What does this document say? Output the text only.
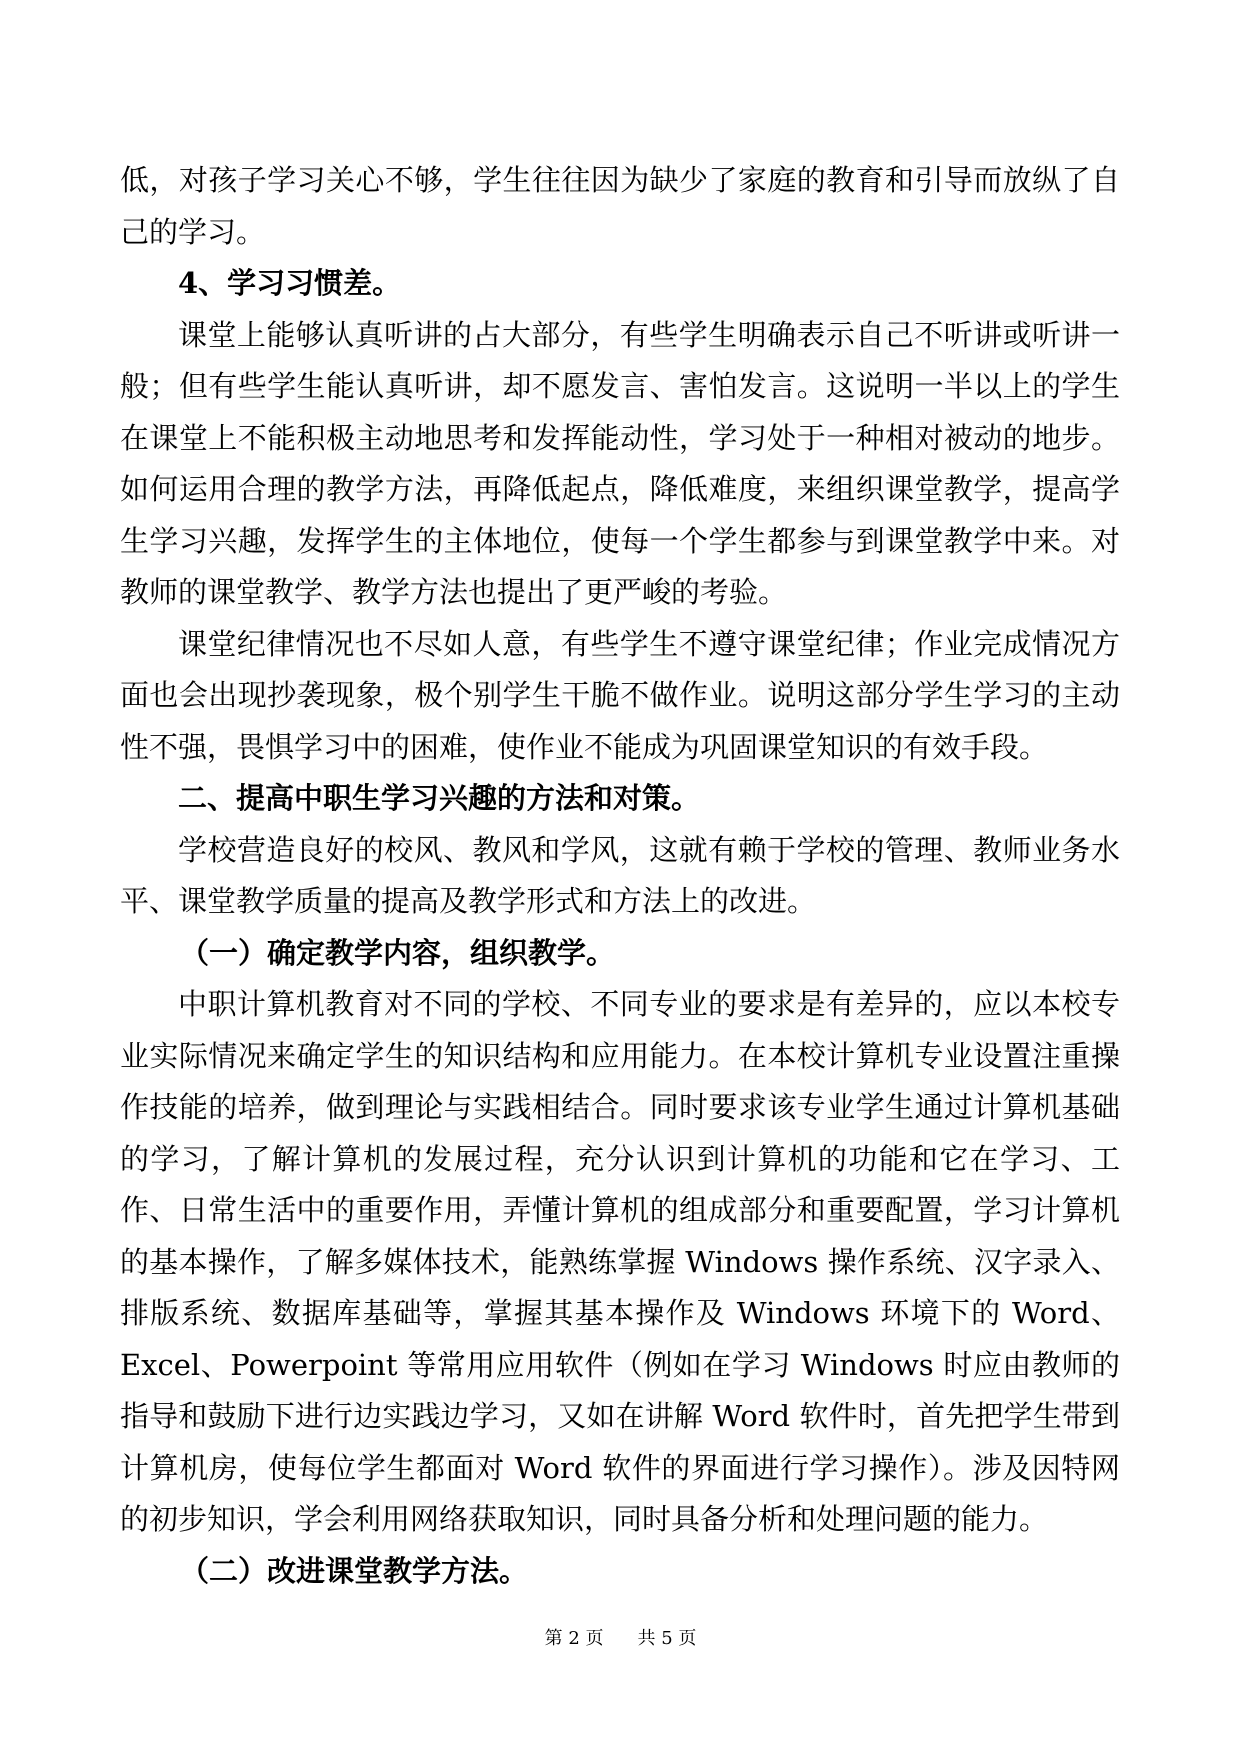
低，对孩子学习关心不够，学生往往因为缺少了家庭的教育和引导而放纵了自己的学习。

4、学习习惯差。

课堂上能够认真听讲的占大部分，有些学生明确表示自己不听讲或听讲一般；但有些学生能认真听讲，却不愿发言、害怕发言。这说明一半以上的学生在课堂上不能积极主动地思考和发挥能动性，学习处于一种相对被动的地步。如何运用合理的教学方法，再降低起点，降低难度，来组织课堂教学，提高学生学习兴趣，发挥学生的主体地位，使每一个学生都参与到课堂教学中来。对教师的课堂教学、教学方法也提出了更严峻的考验。

课堂纪律情况也不尽如人意，有些学生不遵守课堂纪律；作业完成情况方面也会出现抄袭现象，极个别学生干脆不做作业。说明这部分学生学习的主动性不强，畏惧学习中的困难，使作业不能成为巩固课堂知识的有效手段。

二、提高中职生学习兴趣的方法和对策。

学校营造良好的校风、教风和学风，这就有赖于学校的管理、教师业务水平、课堂教学质量的提高及教学形式和方法上的改进。

（一）确定教学内容，组织教学。

中职计算机教育对不同的学校、不同专业的要求是有差异的，应以本校专业实际情况来确定学生的知识结构和应用能力。在本校计算机专业设置注重操作技能的培养，做到理论与实践相结合。同时要求该专业学生通过计算机基础的学习，了解计算机的发展过程，充分认识到计算机的功能和它在学习、工作、日常生活中的重要作用，弄懂计算机的组成部分和重要配置，学习计算机的基本操作，了解多媒体技术，能熟练掌握 Windows 操作系统、汉字录入、排版系统、数据库基础等，掌握其基本操作及 Windows 环境下的 Word、Excel、Powerpoint 等常用应用软件（例如在学习 Windows 时应由教师的指导和鼓励下进行边实践边学习，又如在讲解 Word 软件时，首先把学生带到计算机房，使每位学生都面对 Word 软件的界面进行学习操作）。涉及因特网的初步知识，学会利用网络获取知识，同时具备分析和处理问题的能力。

（二）改进课堂教学方法。

第 2 页 共 5 页
